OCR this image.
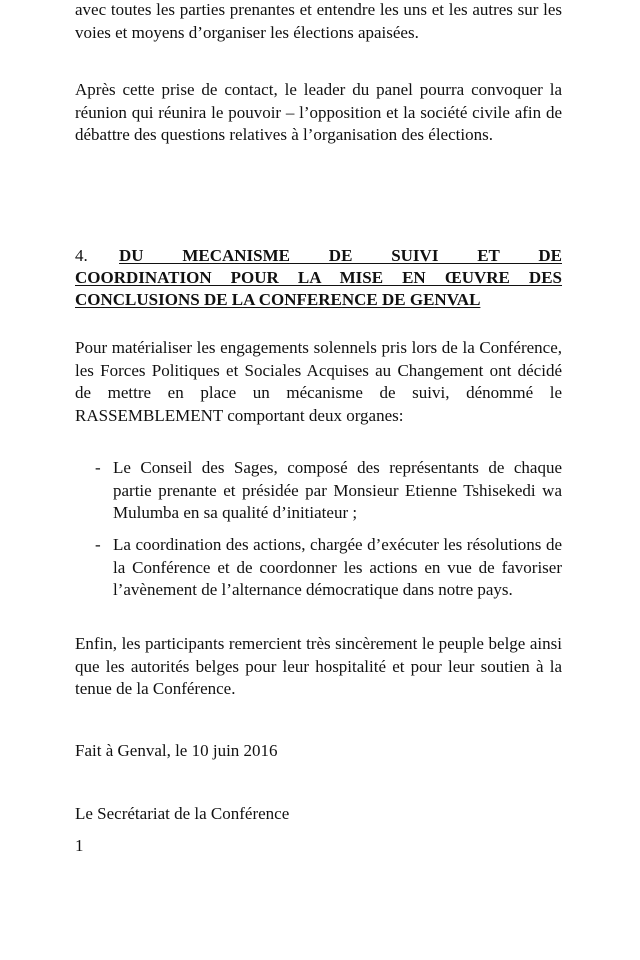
avec toutes les parties prenantes et entendre les uns et les autres sur les voies et moyens d’organiser les élections apaisées.

Après cette prise de contact, le leader du panel pourra convoquer la réunion qui réunira le pouvoir – l’opposition et la société civile afin de débattre des questions relatives à l’organisation des élections.

4. DU MECANISME DE SUIVI ET DE
COORDINATION POUR LA MISE EN ŒUVRE DES
CONCLUSIONS DE LA CONFERENCE DE GENVAL

Pour matérialiser les engagements solennels pris lors de la Conférence, les Forces Politiques et Sociales Acquises au Changement ont décidé de mettre en place un mécanisme de suivi, dénommé le RASSEMBLEMENT comportant deux organes:

- Le Conseil des Sages, composé des représentants de chaque partie prenante et présidée par Monsieur Etienne Tshisekedi wa Mulumba en sa qualité d’initiateur ;
- La coordination des actions, chargée d’exécuter les résolutions de la Conférence et de coordonner les actions en vue de favoriser l’avènement de l’alternance démocratique dans notre pays.

Enfin, les participants remercient très sincèrement le peuple belge ainsi que les autorités belges pour leur hospitalité et pour leur soutien à la tenue de la Conférence.

Fait à Genval, le 10 juin 2016
Le Secrétariat de la Conférence
1
